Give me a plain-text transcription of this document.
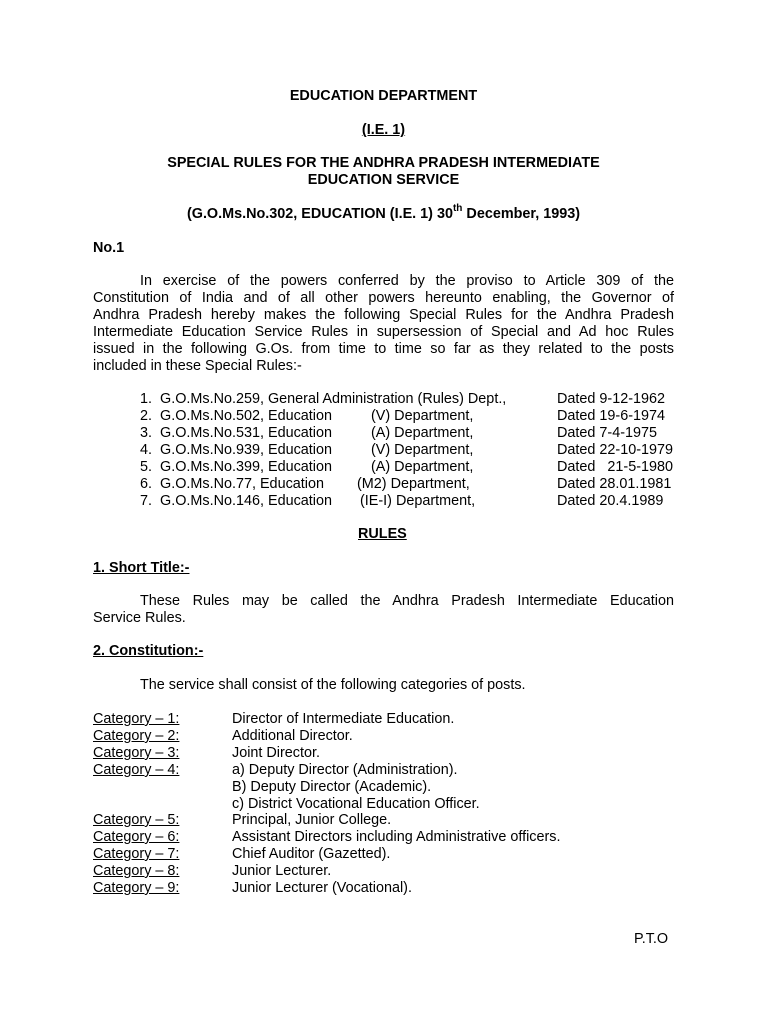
EDUCATION DEPARTMENT
(I.E. 1)
SPECIAL RULES FOR THE ANDHRA PRADESH INTERMEDIATE
EDUCATION SERVICE
(G.O.Ms.No.302, EDUCATION (I.E. 1) 30th December, 1993)
No.1
In exercise of the powers conferred by the proviso to Article 309 of the
Constitution of India and of all other powers hereunto enabling, the Governor of
Andhra Pradesh hereby makes the following Special Rules for the Andhra Pradesh
Intermediate Education Service Rules in supersession of Special and Ad hoc Rules
issued in the following G.Os. from time to time so far as they related to the posts
included in these Special Rules:-
1. G.O.Ms.No.259, General Administration (Rules) Dept.,	Dated 9-12-1962
2. G.O.Ms.No.502, Education	(V) Department,	Dated 19-6-1974
3. G.O.Ms.No.531, Education	(A) Department,	Dated 7-4-1975
4. G.O.Ms.No.939, Education	(V) Department,	Dated 22-10-1979
5. G.O.Ms.No.399, Education	(A) Department,	Dated   21-5-1980
6. G.O.Ms.No.77, Education (M2) Department,	Dated 28.01.1981
7. G.O.Ms.No.146, Education (IE-I) Department,	Dated 20.4.1989
RULES
1. Short Title:-
These Rules may be called the Andhra Pradesh Intermediate Education
Service Rules.
2. Constitution:-
The service shall consist of the following categories of posts.
Category – 1:	Director of Intermediate Education.
Category – 2:	Additional Director.
Category – 3:	Joint Director.
Category – 4:	a) Deputy Director (Administration).
B) Deputy Director (Academic).
c) District Vocational Education Officer.
Category – 5:	Principal, Junior College.
Category – 6:	Assistant Directors including Administrative officers.
Category – 7:	Chief Auditor (Gazetted).
Category – 8:	Junior Lecturer.
Category – 9:	Junior Lecturer (Vocational).
P.T.O
